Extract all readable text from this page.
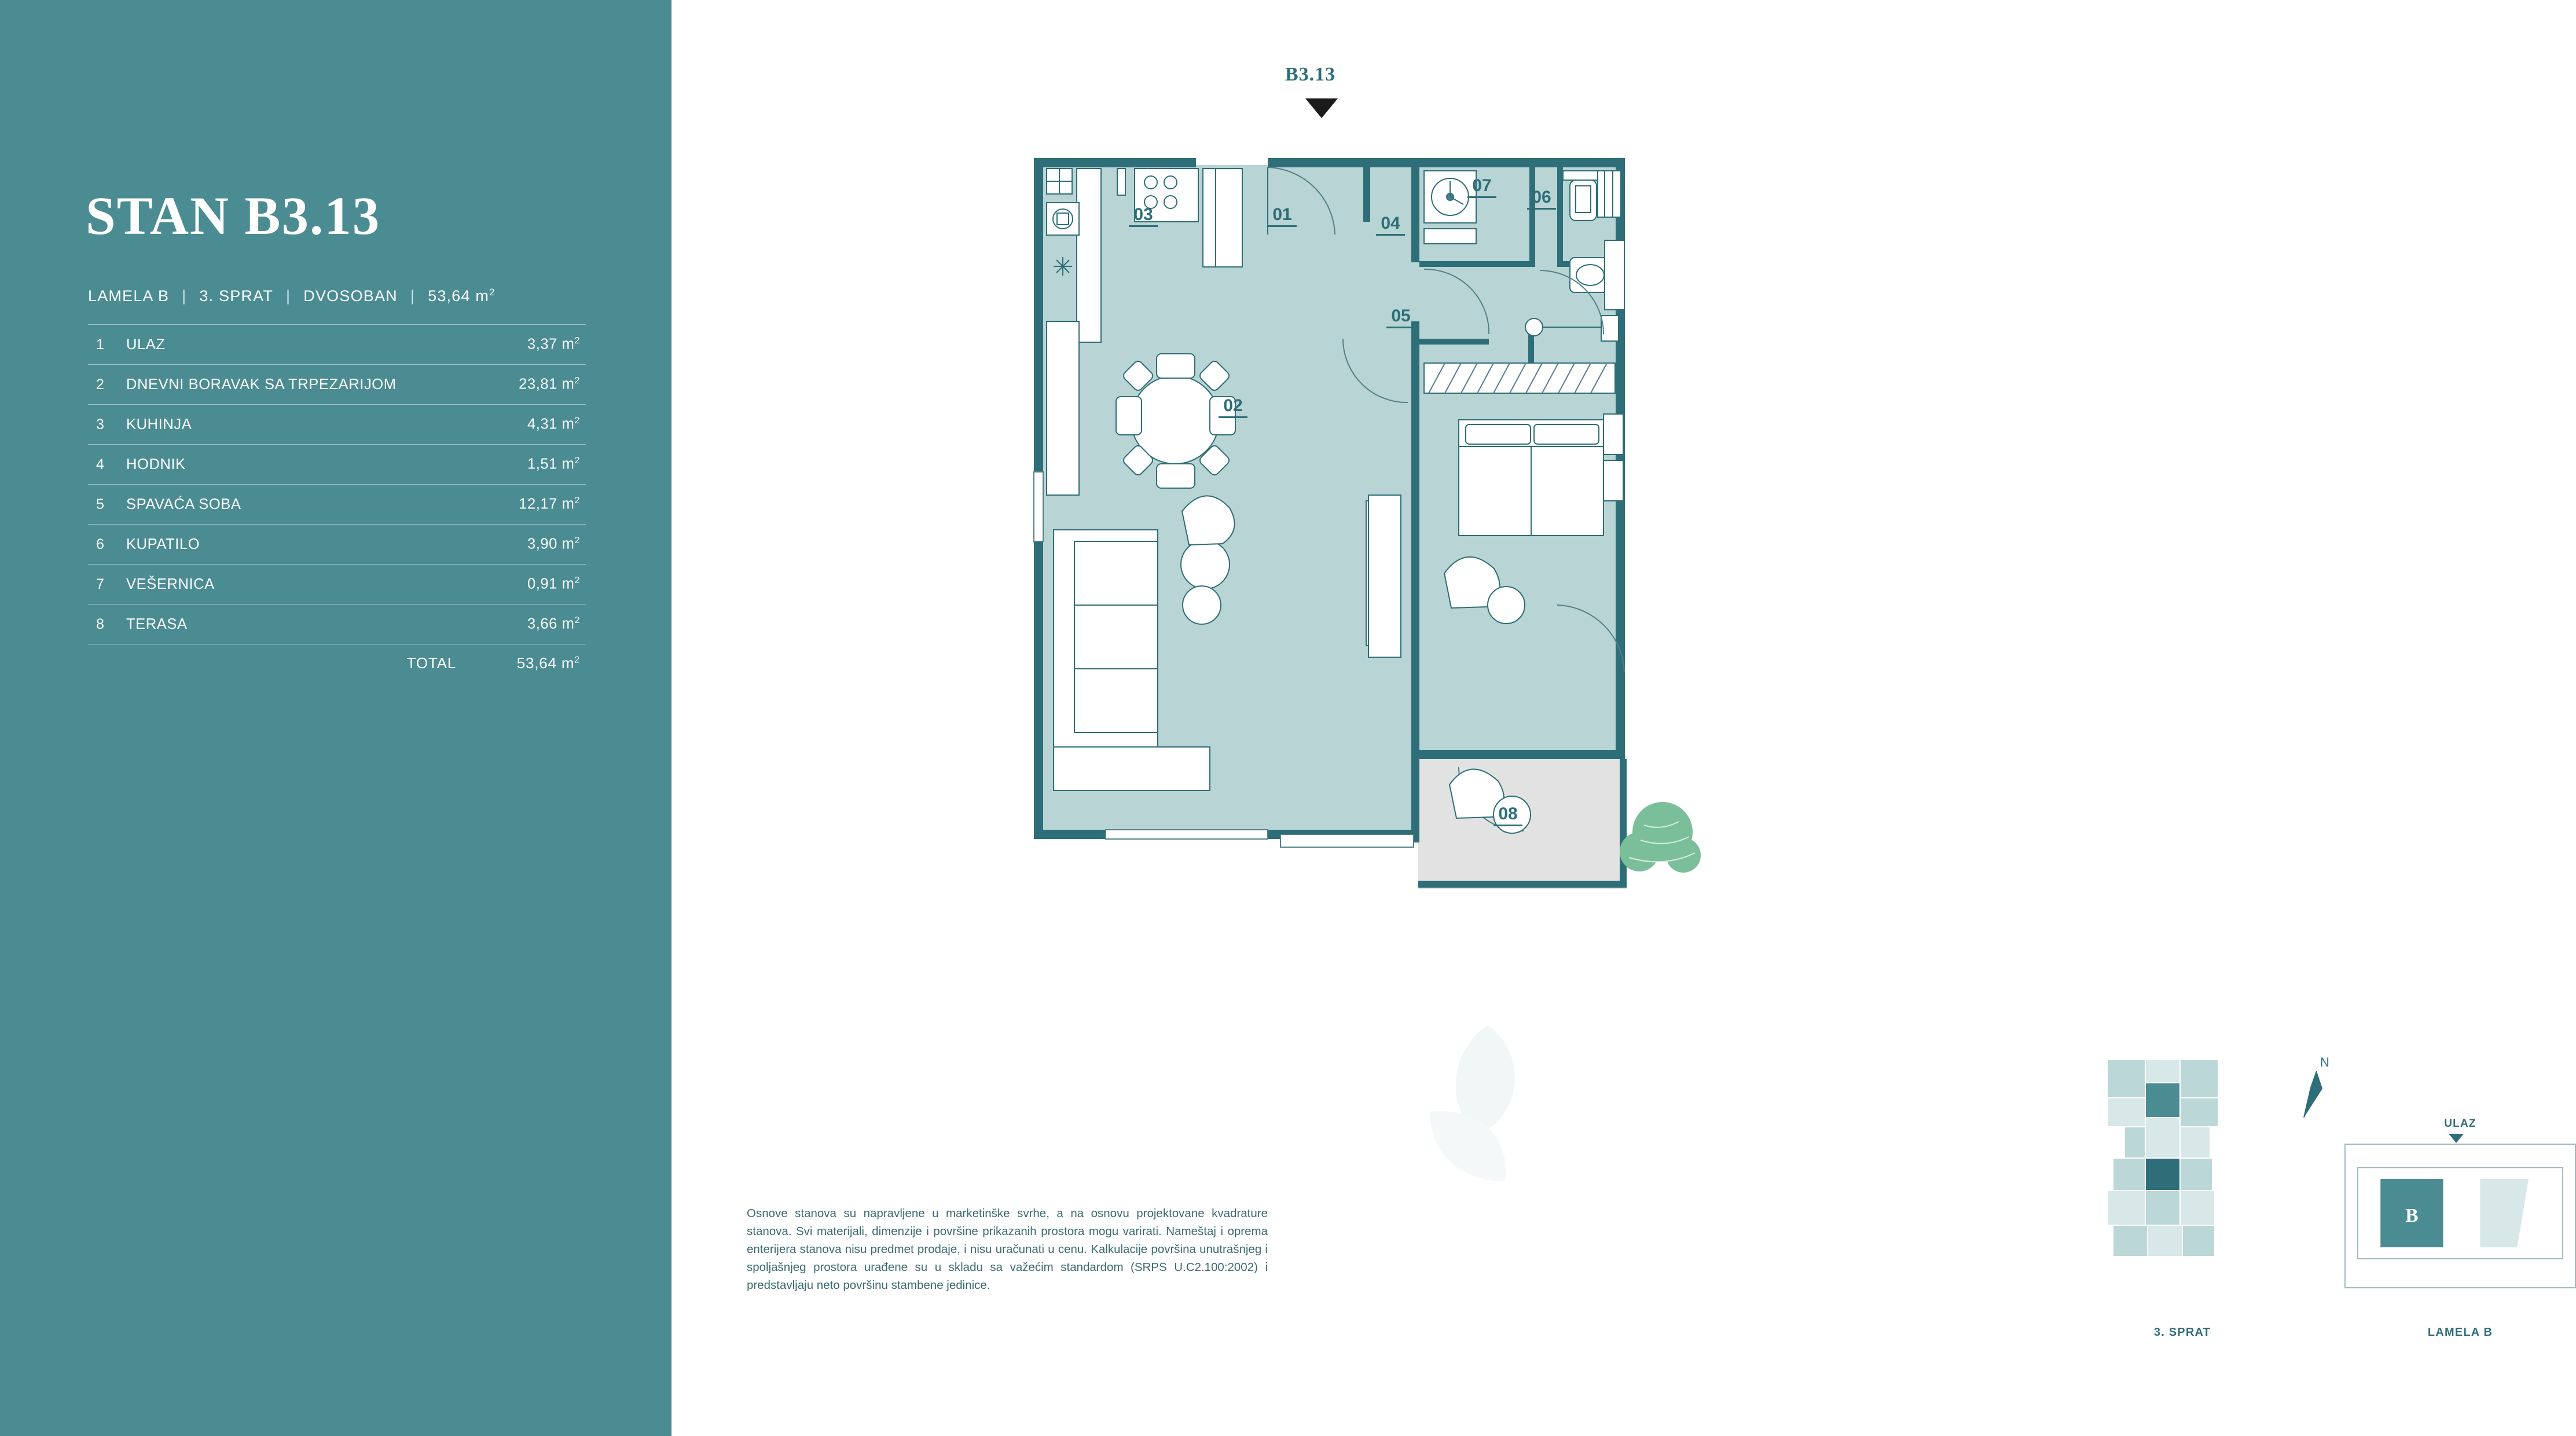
STAN B3.13
LAMELA B | 3. SPRAT | DVOSOBAN | 53,64 $m^2$
1	ULAZ	3,37 $m^2$
2	DNEVNI BORAVAK SA TRPEZARIJOM	23,81 $m^2$
3	KUHINJA	4,31 $m^2$
4	HODNIK	1,51 $m^2$
5	SPAVAĆA SOBA	12,17 $m^2$
6	KUPATILO	3,90 $m^2$
7	VEŠERNICA	0,91 $m^2$
8	TERASA	3,66 $m^2$
TOTAL	53,64 $m^2$
B3.13
03	01
02
04
05
06
07
08
Osnove stanova su napravljene u marketinške svrhe, a na osnovu projektovane kvadrature stanova. Svi materijali, dimenzije i površine prikazanih prostora mogu varirati. Nameštaj i oprema enterijera stanova nisu predmet prodaje, i nisu uračunati u cenu. Kalkulacije površina unutrašnjeg i spoljašnjeg prostora urađene su u skladu sa važećim standardom (SRPS U.C2.100:2002) i predstavljaju neto površinu stambene jedinice.
3. SPRAT
N
ULAZ
B
LAMELA B
